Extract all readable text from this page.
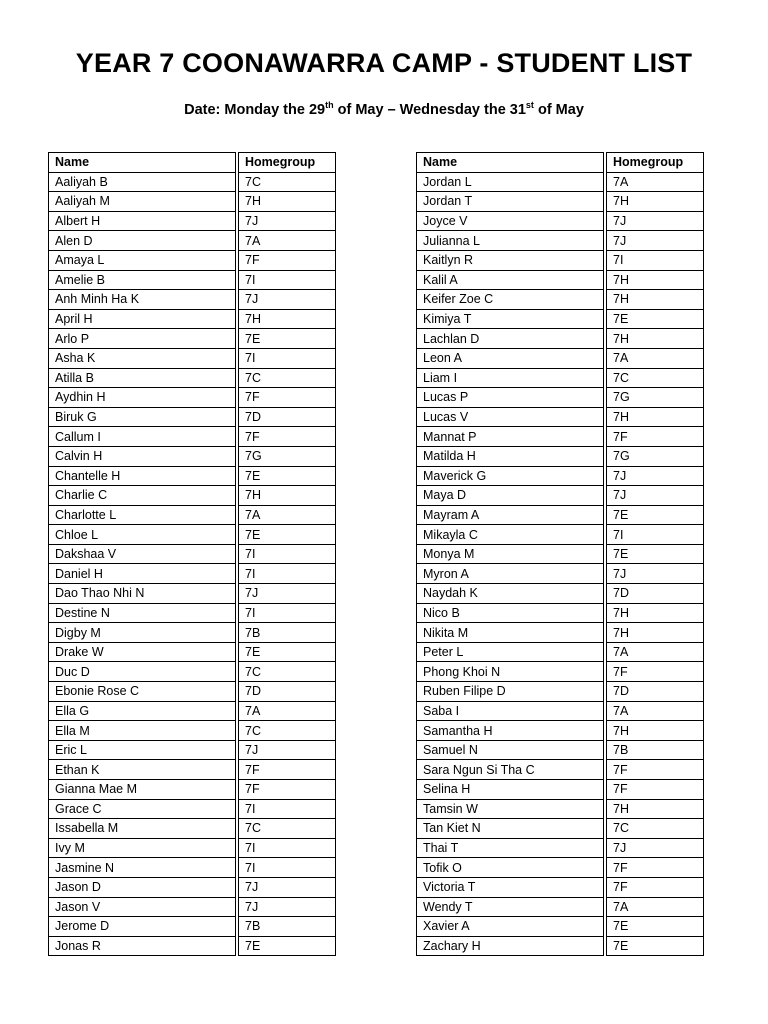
YEAR 7 COONAWARRA CAMP - STUDENT LIST
Date: Monday the 29th of May – Wednesday the 31st of May
Name	Homegroup
Aaliyah B	7C
Aaliyah M	7H
Albert H	7J
Alen D	7A
Amaya L	7F
Amelie B	7I
Anh Minh Ha K	7J
April H	7H
Arlo P	7E
Asha K	7I
Atilla B	7C
Aydhin H	7F
Biruk G	7D
Callum I	7F
Calvin H	7G
Chantelle H	7E
Charlie C	7H
Charlotte L	7A
Chloe L	7E
Dakshaa V	7I
Daniel H	7I
Dao Thao Nhi N	7J
Destine N	7I
Digby M	7B
Drake W	7E
Duc D	7C
Ebonie Rose C	7D
Ella G	7A
Ella M	7C
Eric L	7J
Ethan K	7F
Gianna Mae M	7F
Grace C	7I
Issabella M	7C
Ivy M	7I
Jasmine N	7I
Jason D	7J
Jason V	7J
Jerome D	7B
Jonas R	7E
Name	Homegroup
Jordan L	7A
Jordan T	7H
Joyce V	7J
Julianna L	7J
Kaitlyn R	7I
Kalil A	7H
Keifer Zoe C	7H
Kimiya T	7E
Lachlan D	7H
Leon A	7A
Liam I	7C
Lucas P	7G
Lucas V	7H
Mannat P	7F
Matilda H	7G
Maverick G	7J
Maya D	7J
Mayram A	7E
Mikayla C	7I
Monya M	7E
Myron A	7J
Naydah K	7D
Nico B	7H
Nikita M	7H
Peter L	7A
Phong Khoi N	7F
Ruben Filipe D	7D
Saba I	7A
Samantha H	7H
Samuel N	7B
Sara Ngun Si Tha C	7F
Selina H	7F
Tamsin W	7H
Tan Kiet N	7C
Thai T	7J
Tofik O	7F
Victoria T	7F
Wendy T	7A
Xavier A	7E
Zachary H	7E
